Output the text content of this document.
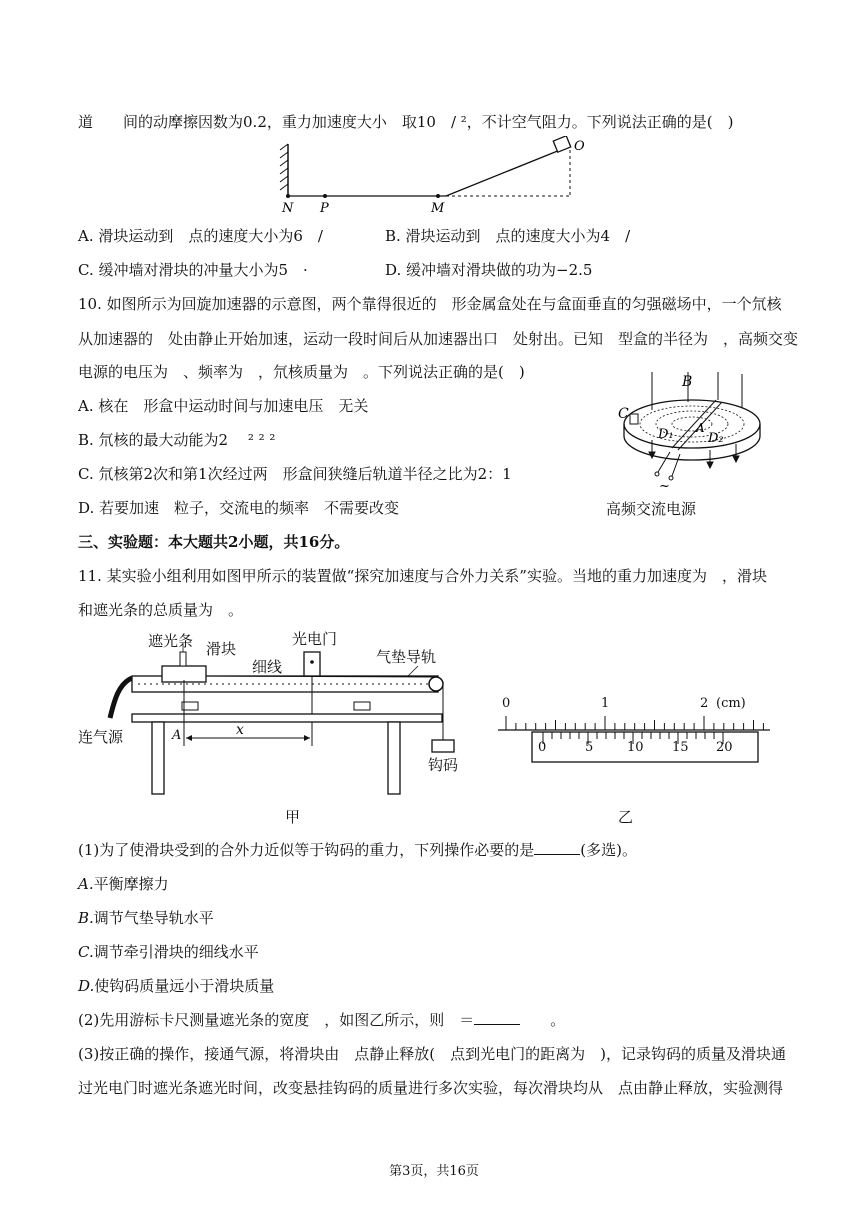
道　　间的动摩擦因数为0.2，重力加速度大小　取10　/ ²，不计空气阻力。下列说法正确的是(　)
N P	M
O
A. 滑块运动到　点的速度大小为6　/	B. 滑块运动到　点的速度大小为4　/
C. 缓冲墙对滑块的冲量大小为5　·	D. 缓冲墙对滑块做的功为−2.5
10. 如图所示为回旋加速器的示意图，两个靠得很近的　形金属盒处在与盒面垂直的匀强磁场中，一个氘核
从加速器的　处由静止开始加速，运动一段时间后从加速器出口　处射出。已知　型盒的半径为　，高频交变
电源的电压为　、频率为　，氘核质量为　。下列说法正确的是(　)
A. 核在　形盒中运动时间与加速电压　无关
B. 氘核的最大动能为2　 ² ² ²
C. 氘核第2次和第1次经过两　形盒间狭缝后轨道半径之比为2：1
D. 若要加速　粒子，交流电的频率　不需要改变
B
C
D₁	D₂
A
~
高频交流电源
三、实验题：本大题共2小题，共16分。
11. 某实验小组利用如图甲所示的装置做“探究加速度与合外力关系”实验。当地的重力加速度为　，滑块
和遮光条的总质量为　。
遮光条 滑块
光电门
细线
气垫导轨
连气源	A	x
钩码
甲
0	1	2 (cm)
0	5	10 15 20
乙
(1)为了使滑块受到的合外力近似等于钩码的重力，下列操作必要的是	(多选)。
A.平衡摩擦力
B.调节气垫导轨水平
C.调节牵引滑块的细线水平
D.使钩码质量远小于滑块质量
(2)先用游标卡尺测量遮光条的宽度　，如图乙所示，则　＝	　　。
(3)按正确的操作，接通气源，将滑块由　点静止释放(　点到光电门的距离为　)，记录钩码的质量及滑块通
过光电门时遮光条遮光时间，改变悬挂钩码的质量进行多次实验，每次滑块均从　点由静止释放，实验测得
第3页，共16页
